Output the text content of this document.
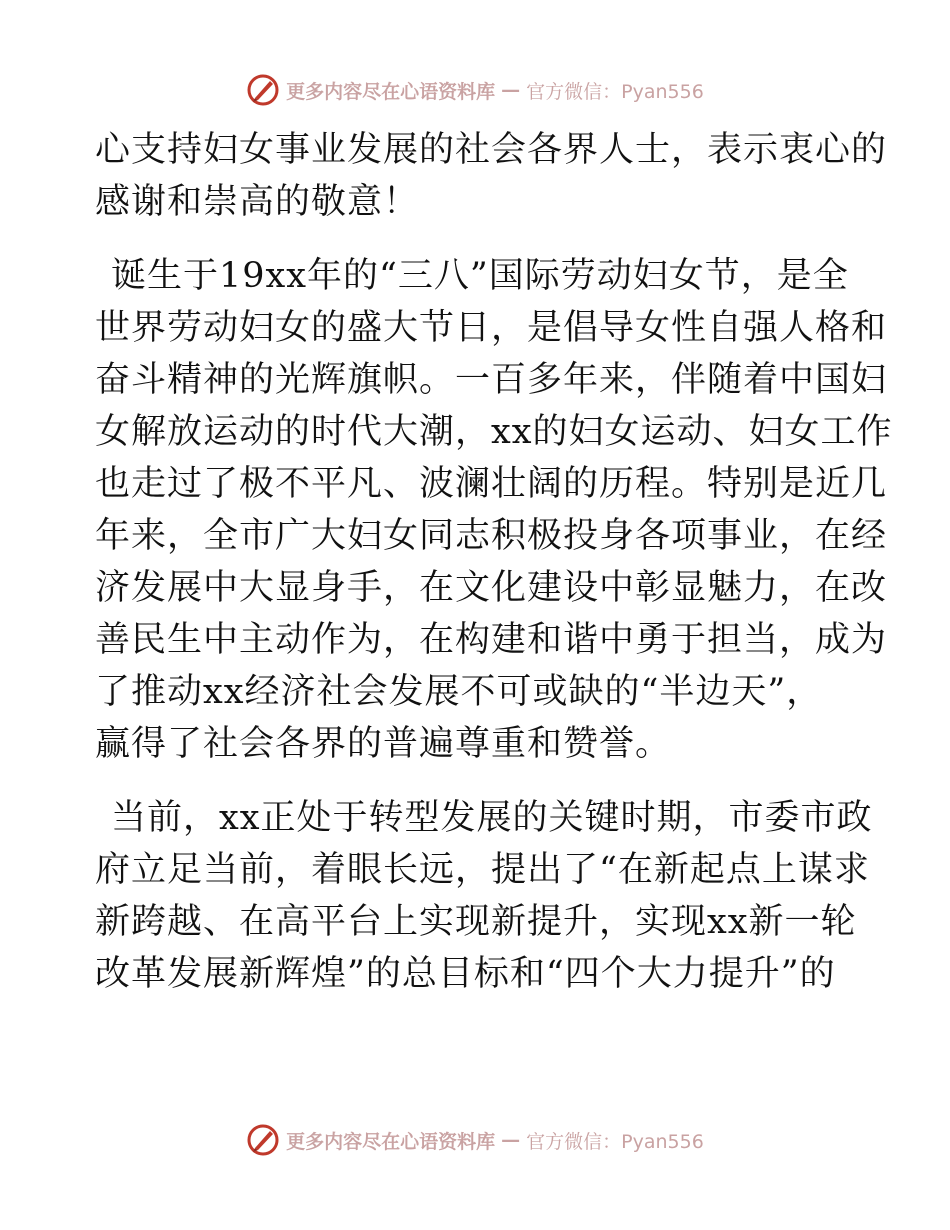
更多内容尽在心语资料库 — 官方微信：Pyan556
心支持妇女事业发展的社会各界人士，表示衷心的
感谢和崇高的敬意！
诞生于19xx年的“三八”国际劳动妇女节，是全
世界劳动妇女的盛大节日，是倡导女性自强人格和
奋斗精神的光辉旗帜。一百多年来，伴随着中国妇
女解放运动的时代大潮，xx的妇女运动、妇女工作
也走过了极不平凡、波澜壮阔的历程。特别是近几
年来，全市广大妇女同志积极投身各项事业，在经
济发展中大显身手，在文化建设中彰显魅力，在改
善民生中主动作为，在构建和谐中勇于担当，成为
了推动xx经济社会发展不可或缺的“半边天”，
赢得了社会各界的普遍尊重和赞誉。
当前，xx正处于转型发展的关键时期，市委市政
府立足当前，着眼长远，提出了“在新起点上谋求
新跨越、在高平台上实现新提升，实现xx新一轮
改革发展新辉煌”的总目标和“四个大力提升”的
更多内容尽在心语资料库 — 官方微信：Pyan556
